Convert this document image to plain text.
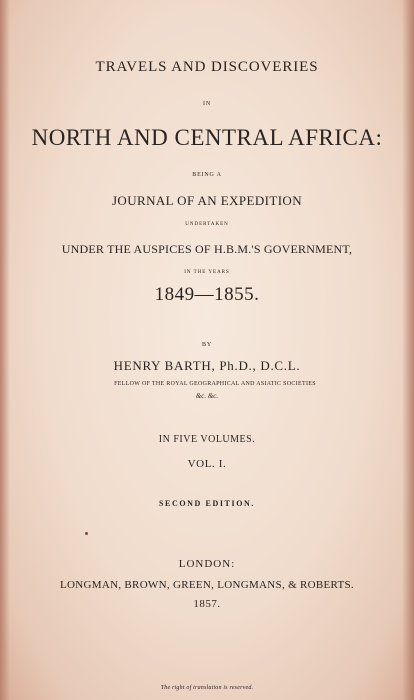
TRAVELS AND DISCOVERIES
IN
NORTH AND CENTRAL AFRICA:
BEING A
JOURNAL OF AN EXPEDITION
UNDERTAKEN
UNDER THE AUSPICES OF H.B.M.'S GOVERNMENT,
IN THE YEARS
1849—1855.
BY
HENRY BARTH, Ph.D., D.C.L.
FELLOW OF THE ROYAL GEOGRAPHICAL AND ASIATIC SOCIETIES
&c. &c.
IN FIVE VOLUMES.
VOL. I.
SECOND EDITION.
LONDON:
LONGMAN, BROWN, GREEN, LONGMANS, & ROBERTS.
1857.
The right of translation is reserved.
